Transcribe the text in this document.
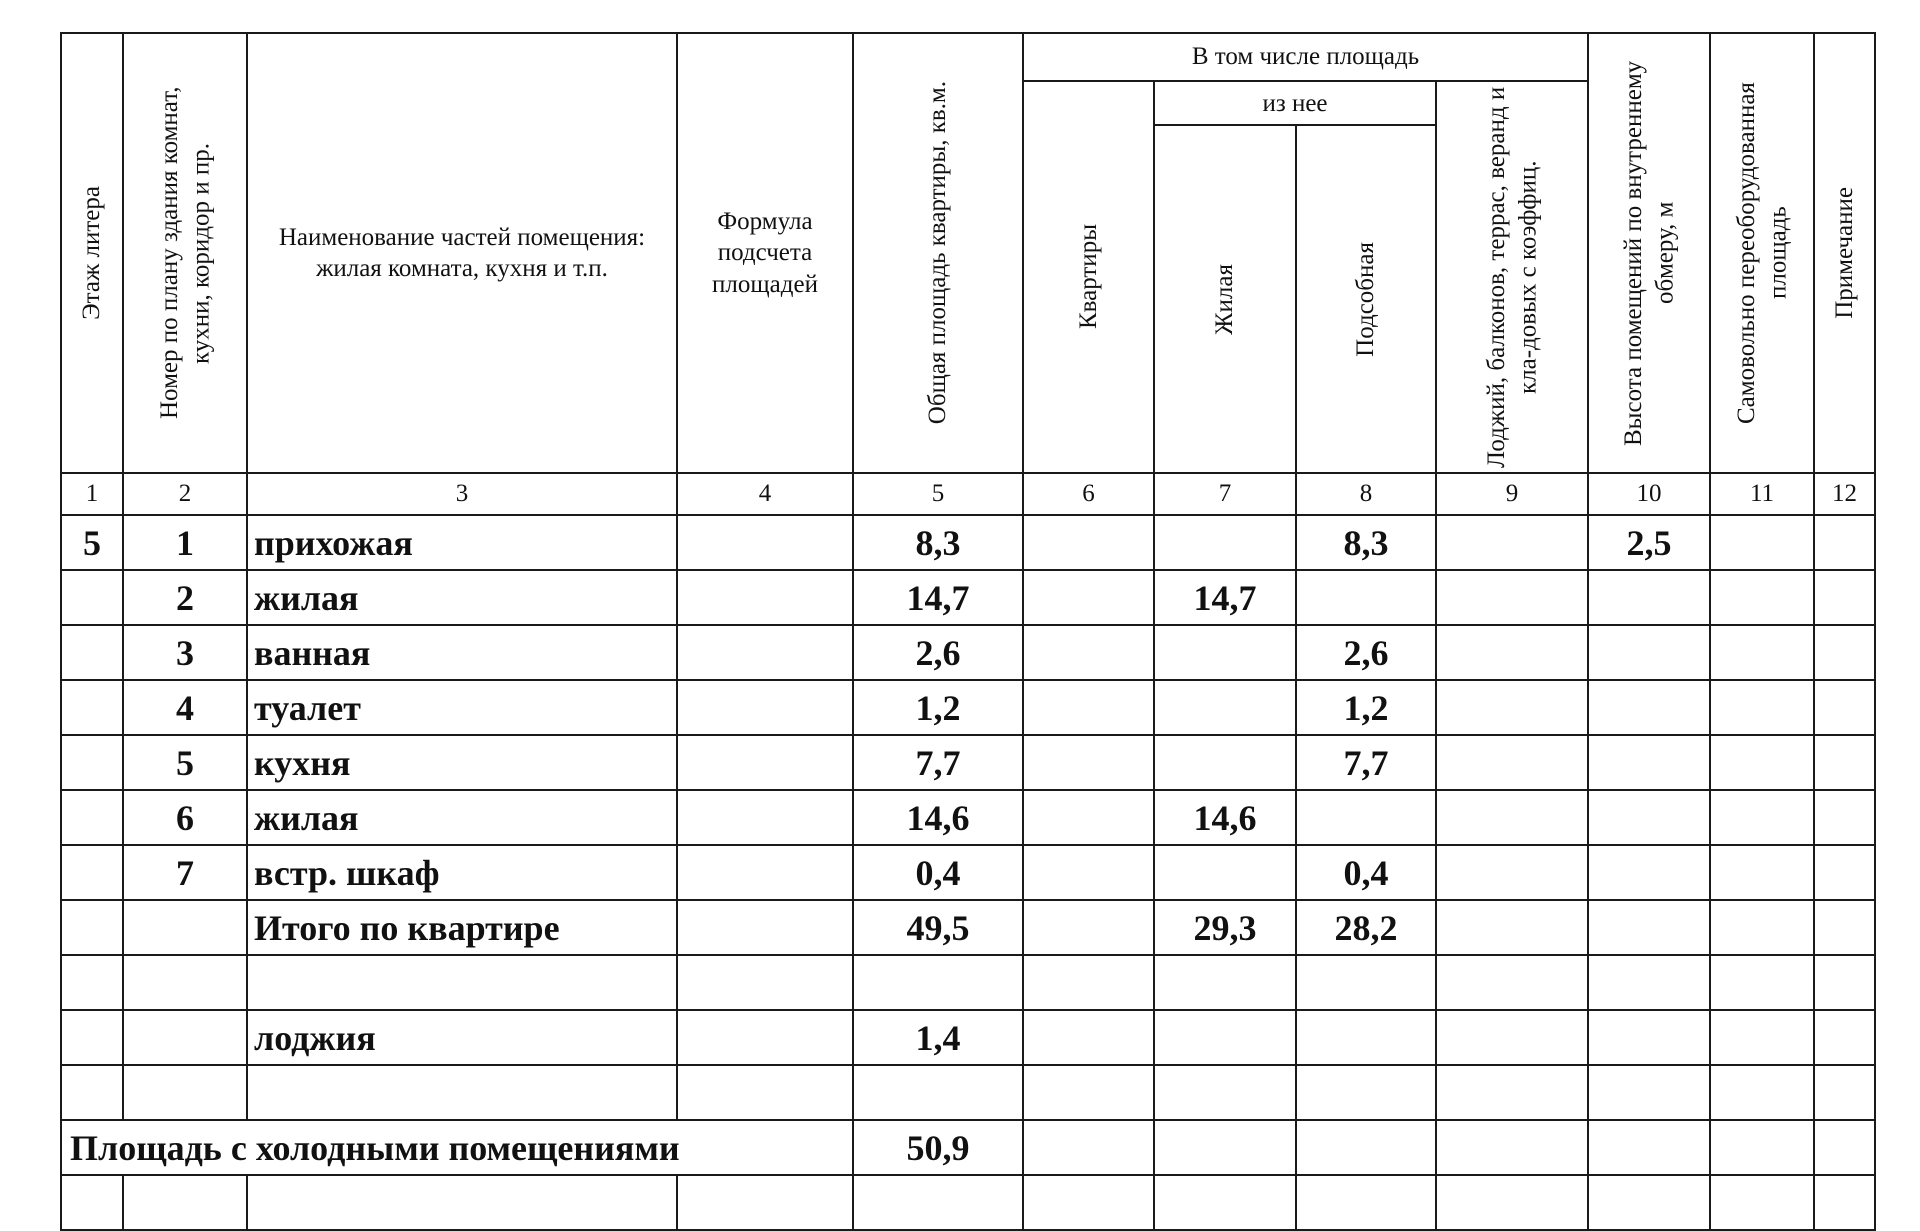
Этаж литера	Номер по плану здания комнат, кухни, коридор и пр.	Наименование частей помещения: жилая комната, кухня и т.п.	Формула подсчета площадей	Общая площадь квартиры, кв.м.	В том числе площадь				Высота помещений по внутреннему обмеру, м	Самовольно переоборудованная площадь	Примечание

					Квартиры	из нее		Лоджий, балконов, террас, веранд и кла-довых с коэффиц.			

						Жилая	Подсобная				

1	2	3	4	5	6	7	8	9	10	11	12
5	1	прихожая		8,3			8,3		2,5		
	2	жилая		14,7		14,7					
	3	ванная		2,6			2,6				
	4	туалет		1,2			1,2				
	5	кухня		7,7			7,7				
	6	жилая		14,6		14,6					
	7	встр. шкаф		0,4			0,4				
		Итого по квартире		49,5		29,3	28,2				

		лоджия		1,4							

Площадь с холодными помещениями				50,9							
